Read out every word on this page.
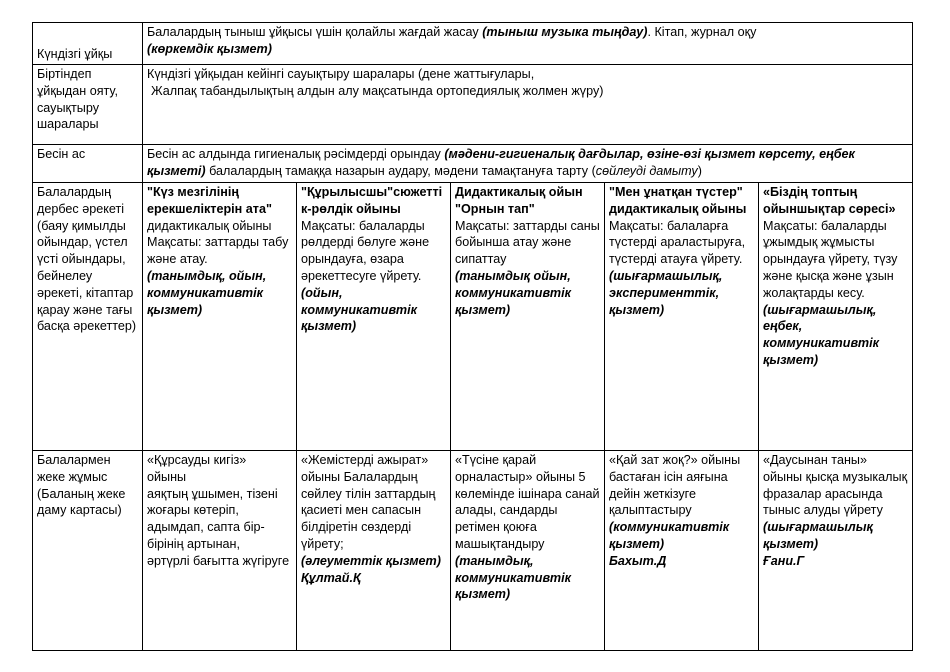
Күндізгі ұйқы	Балалардың тыныш ұйқысы үшін қолайлы жағдай жасау (тыныш музыка тыңдау). Кітап, журнал оқу
(көркемдік қызмет)				
Біртіндеп ұйқыдан ояту, сауықтыру шаралары	Күндізгі ұйқыдан кейінгі сауықтыру шаралары (дене жаттығулары,
Жалпақ табандылықтың алдын алу мақсатында ортопедиялық жолмен жүру)				

Бесін ас	Бесін ас алдында гигиеналық рәсімдерді орындау (мәдени-гигиеналық дағдылар, өзіне-өзі қызмет көрсету, еңбек қызметі) балалардың тамаққа назарын аудару, мәдени тамақтануға тарту (сөйлеуді дамыту)				
Балалардың дербес әрекеті (баяу қимылды ойындар, үстел үсті ойындары, бейнелеу әрекеті, кітаптар қарау және тағы басқа әрекеттер)	"Күз мезгілінің ерекшеліктерін ата"
дидактикалық ойыны
Мақсаты: заттарды табу және атау.
(танымдық, ойын, коммуникативтік қызмет)	"Құрылысшы"сюжеттік-рөлдік ойыны
Мақсаты: балаларды рөлдерді бөлуге және орындауға, өзара әрекеттесуге үйрету.
(ойын, коммуникативтік қызмет)	Дидактикалық ойын "Орнын тап"
Мақсаты: заттарды саны бойынша атау және сипаттау
(танымдық ойын, коммуникативтік қызмет)	"Мен ұнатқан түстер" дидактикалық ойыны
Мақсаты: балаларға түстерді араластыруға, түстерді атауға үйрету.
(шығармашылық, эксперименттік, қызмет)	«Біздің топтың ойыншықтар сөресі»
Мақсаты: балаларды ұжымдық жұмысты орындауға үйрету, түзу және қысқа және ұзын жолақтарды кесу.
(шығармашылық, еңбек, коммуникативтік қызмет)
Балалармен жеке жұмыс (Баланың жеке даму картасы)	«Құрсауды кигіз»
ойыны
аяқтың ұшымен, тізені жоғары көтеріп, адымдап, сапта бір-бірінің артынан,
әртүрлі бағытта жүгіруге	«Жемістерді ажырат» ойыны Балалардың сөйлеу тілін заттардың қасиеті мен сапасын білдіретін сөздерді үйрету;
(әлеуметтік қызмет)
Құлтай.Қ	«Түсіне қарай орналастыр» ойыны 5 көлемінде ішінара санай алады, сандарды ретімен қоюға машықтандыру
(танымдық, коммуникативтік қызмет)	«Қай зат жоқ?» ойыны бастаған ісін аяғына дейін жеткізуге қалыптастыру
(коммуникативтік қызмет)
Бахыт.Д	«Даусынан таны» ойыны қысқа музыкалық фразалар арасында тыныс алуды үйрету
(шығармашылық қызмет)
Ғани.Г
